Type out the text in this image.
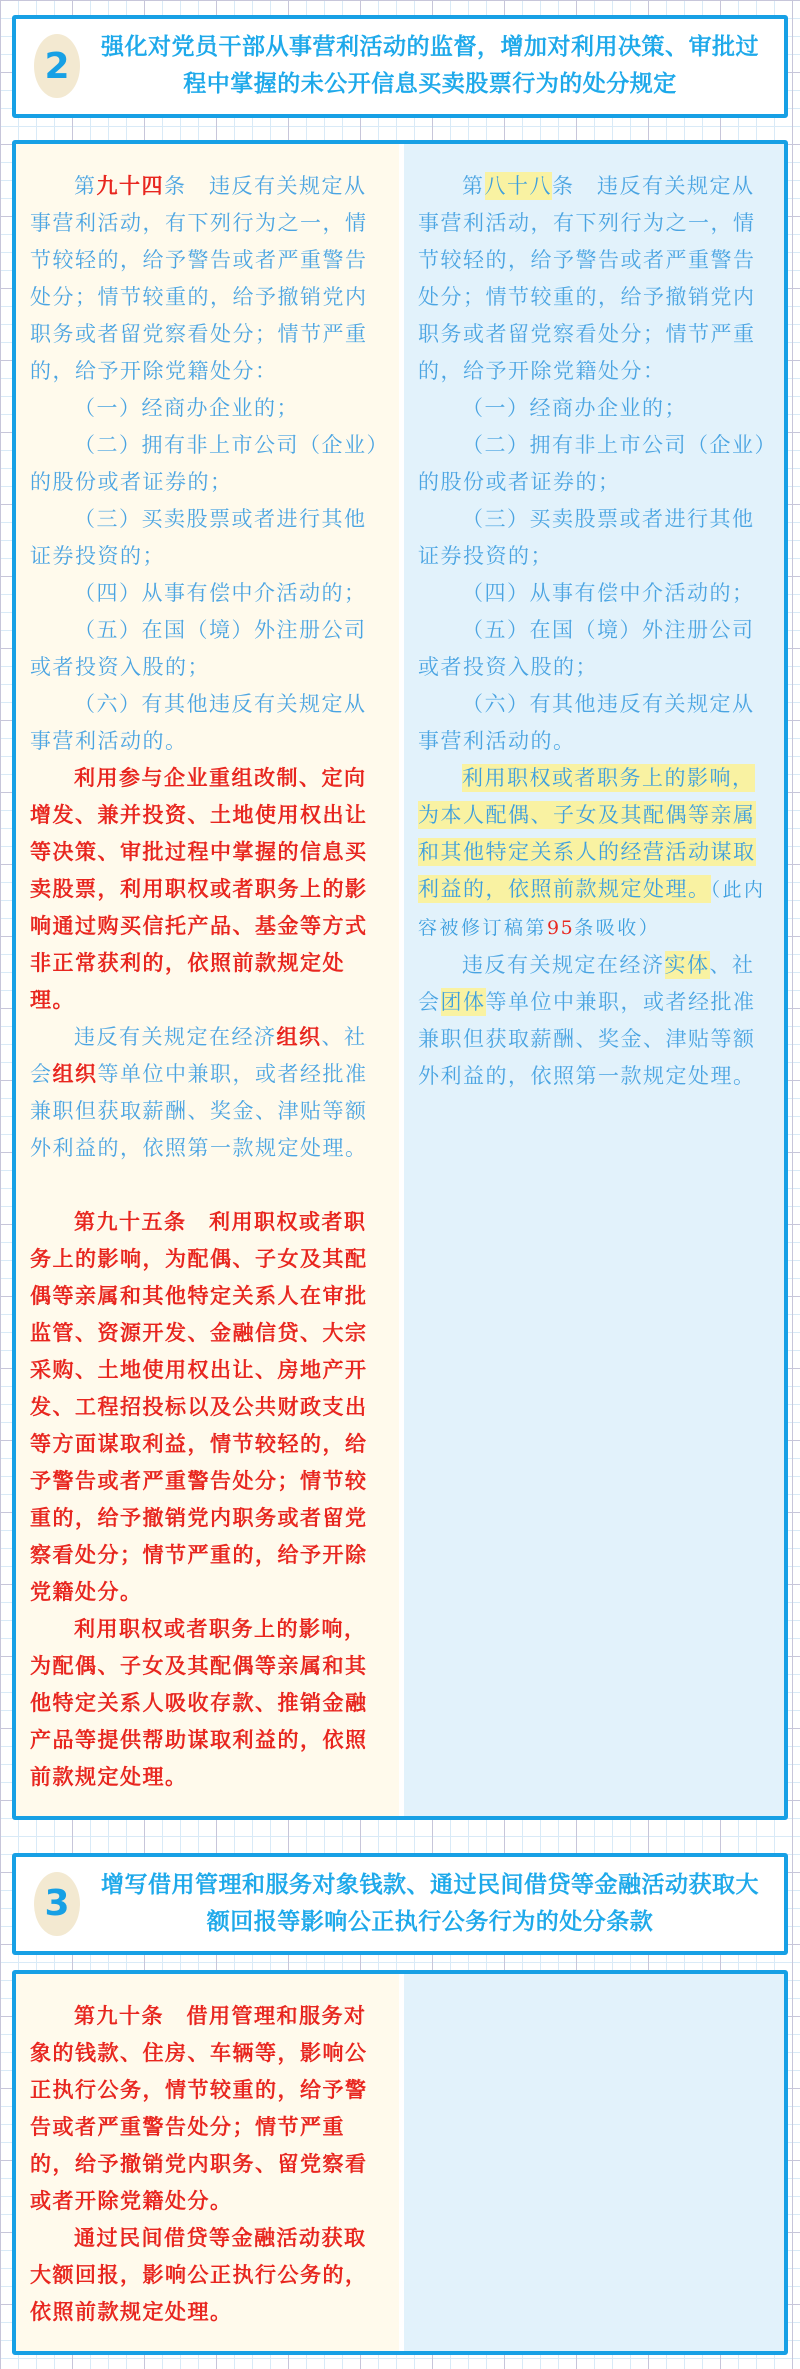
2	强化对党员干部从事营利活动的监督，增加对利用决策、审批过程中掌握的未公开信息买卖股票行为的处分规定

第九十四条　违反有关规定从事营利活动，有下列行为之一，情节较轻的，给予警告或者严重警告处分；情节较重的，给予撤销党内职务或者留党察看处分；情节严重的，给予开除党籍处分：

（一）经商办企业的；

（二）拥有非上市公司（企业）的股份或者证券的；

（三）买卖股票或者进行其他证券投资的；

（四）从事有偿中介活动的；

（五）在国（境）外注册公司或者投资入股的；

（六）有其他违反有关规定从事营利活动的。

利用参与企业重组改制、定向增发、兼并投资、土地使用权出让等决策、审批过程中掌握的信息买卖股票，利用职权或者职务上的影响通过购买信托产品、基金等方式非正常获利的，依照前款规定处理。

违反有关规定在经济组织、社会组织等单位中兼职，或者经批准兼职但获取薪酬、奖金、津贴等额外利益的，依照第一款规定处理。

第九十五条　利用职权或者职务上的影响，为配偶、子女及其配偶等亲属和其他特定关系人在审批监管、资源开发、金融信贷、大宗采购、土地使用权出让、房地产开发、工程招投标以及公共财政支出等方面谋取利益，情节较轻的，给予警告或者严重警告处分；情节较重的，给予撤销党内职务或者留党察看处分；情节严重的，给予开除党籍处分。

利用职权或者职务上的影响，为配偶、子女及其配偶等亲属和其他特定关系人吸收存款、推销金融产品等提供帮助谋取利益的，依照前款规定处理。

第八十八条　违反有关规定从事营利活动，有下列行为之一，情节较轻的，给予警告或者严重警告处分；情节较重的，给予撤销党内职务或者留党察看处分；情节严重的，给予开除党籍处分：

（一）经商办企业的；

（二）拥有非上市公司（企业）的股份或者证券的；

（三）买卖股票或者进行其他证券投资的；

（四）从事有偿中介活动的；

（五）在国（境）外注册公司或者投资入股的；

（六）有其他违反有关规定从事营利活动的。

利用职权或者职务上的影响，为本人配偶、子女及其配偶等亲属和其他特定关系人的经营活动谋取利益的，依照前款规定处理。（此内容被修订稿第95条吸收）

违反有关规定在经济实体、社会团体等单位中兼职，或者经批准兼职但获取薪酬、奖金、津贴等额外利益的，依照第一款规定处理。

3	增写借用管理和服务对象钱款、通过民间借贷等金融活动获取大额回报等影响公正执行公务行为的处分条款

第九十条　借用管理和服务对象的钱款、住房、车辆等，影响公正执行公务，情节较重的，给予警告或者严重警告处分；情节严重的，给予撤销党内职务、留党察看或者开除党籍处分。

通过民间借贷等金融活动获取大额回报，影响公正执行公务的，依照前款规定处理。
